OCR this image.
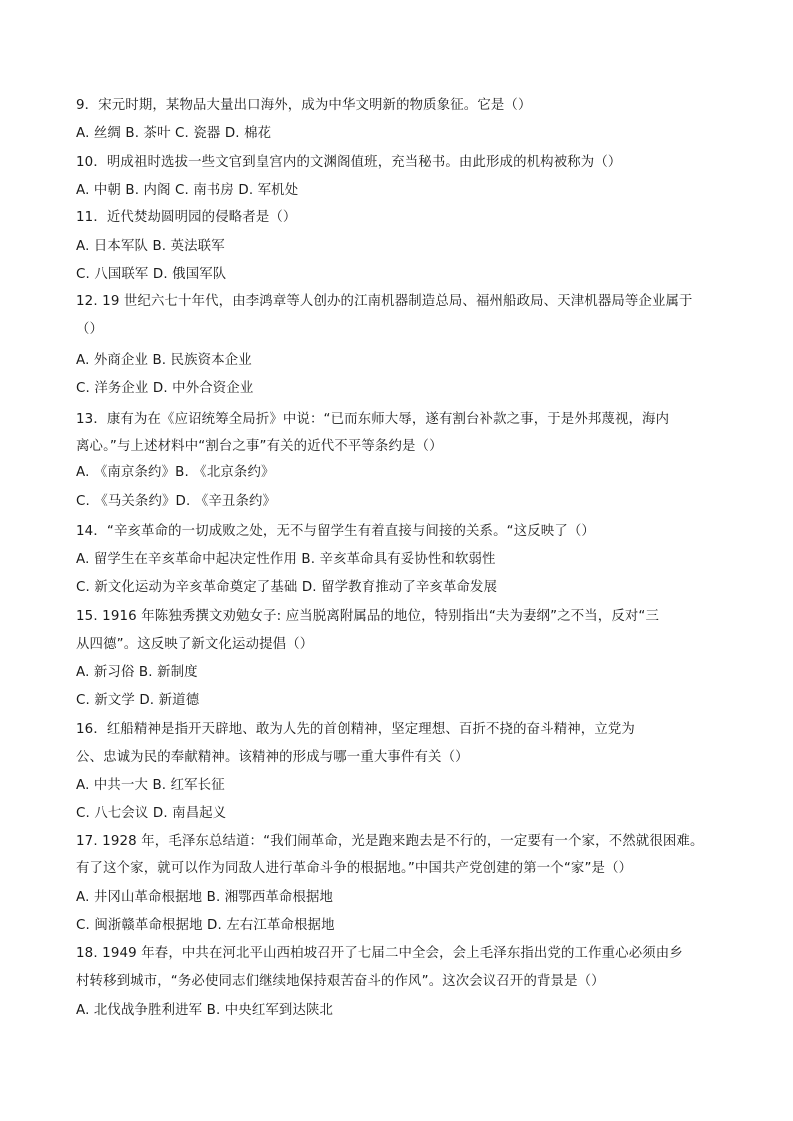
9．宋元时期，某物品大量出口海外，成为中华文明新的物质象征。它是（）
A. 丝绸 B. 茶叶 C. 瓷器 D. 棉花
10．明成祖时选拔一些文官到皇宫内的文渊阁值班，充当秘书。由此形成的机构被称为（）
A. 中朝 B. 内阁 C. 南书房 D. 军机处
11．近代焚劫圆明园的侵略者是（）
A. 日本军队 B. 英法联军
C. 八国联军 D. 俄国军队
12. 19 世纪六七十年代，由李鸿章等人创办的江南机器制造总局、福州船政局、天津机器局等企业属于
（）
A. 外商企业 B. 民族资本企业
C. 洋务企业 D. 中外合资企业
13．康有为在《应诏统筹全局折》中说：“已而东师大辱，遂有割台补款之事，于是外邦蔑视，海内
离心。”与上述材料中“割台之事”有关的近代不平等条约是（）
A. 《南京条约》B. 《北京条约》
C. 《马关条约》D. 《辛丑条约》
14．“辛亥革命的一切成败之处，无不与留学生有着直接与间接的关系。“这反映了（）
A. 留学生在辛亥革命中起决定性作用 B. 辛亥革命具有妥协性和软弱性
C. 新文化运动为辛亥革命奠定了基础 D. 留学教育推动了辛亥革命发展
15. 1916 年陈独秀撰文劝勉女子: 应当脱离附属品的地位，特别指出“夫为妻纲”之不当，反对“三
从四德”。这反映了新文化运动提倡（）
A. 新习俗 B. 新制度
C. 新文学 D. 新道德
16．红船精神是指开天辟地、敢为人先的首创精神，坚定理想、百折不挠的奋斗精神，立党为
公、忠诚为民的奉献精神。该精神的形成与哪一重大事件有关（）
A. 中共一大 B. 红军长征
C. 八七会议 D. 南昌起义
17. 1928 年，毛泽东总结道：“我们闹革命，光是跑来跑去是不行的，一定要有一个家，不然就很困难。
有了这个家，就可以作为同敌人进行革命斗争的根据地。”中国共产党创建的第一个“家”是（）
A. 井冈山革命根据地 B. 湘鄂西革命根据地
C. 闽浙赣革命根据地 D. 左右江革命根据地
18. 1949 年春，中共在河北平山西柏坡召开了七届二中全会，会上毛泽东指出党的工作重心必须由乡
村转移到城市，“务必使同志们继续地保持艰苦奋斗的作风”。这次会议召开的背景是（）
A. 北伐战争胜利进军 B. 中央红军到达陕北
